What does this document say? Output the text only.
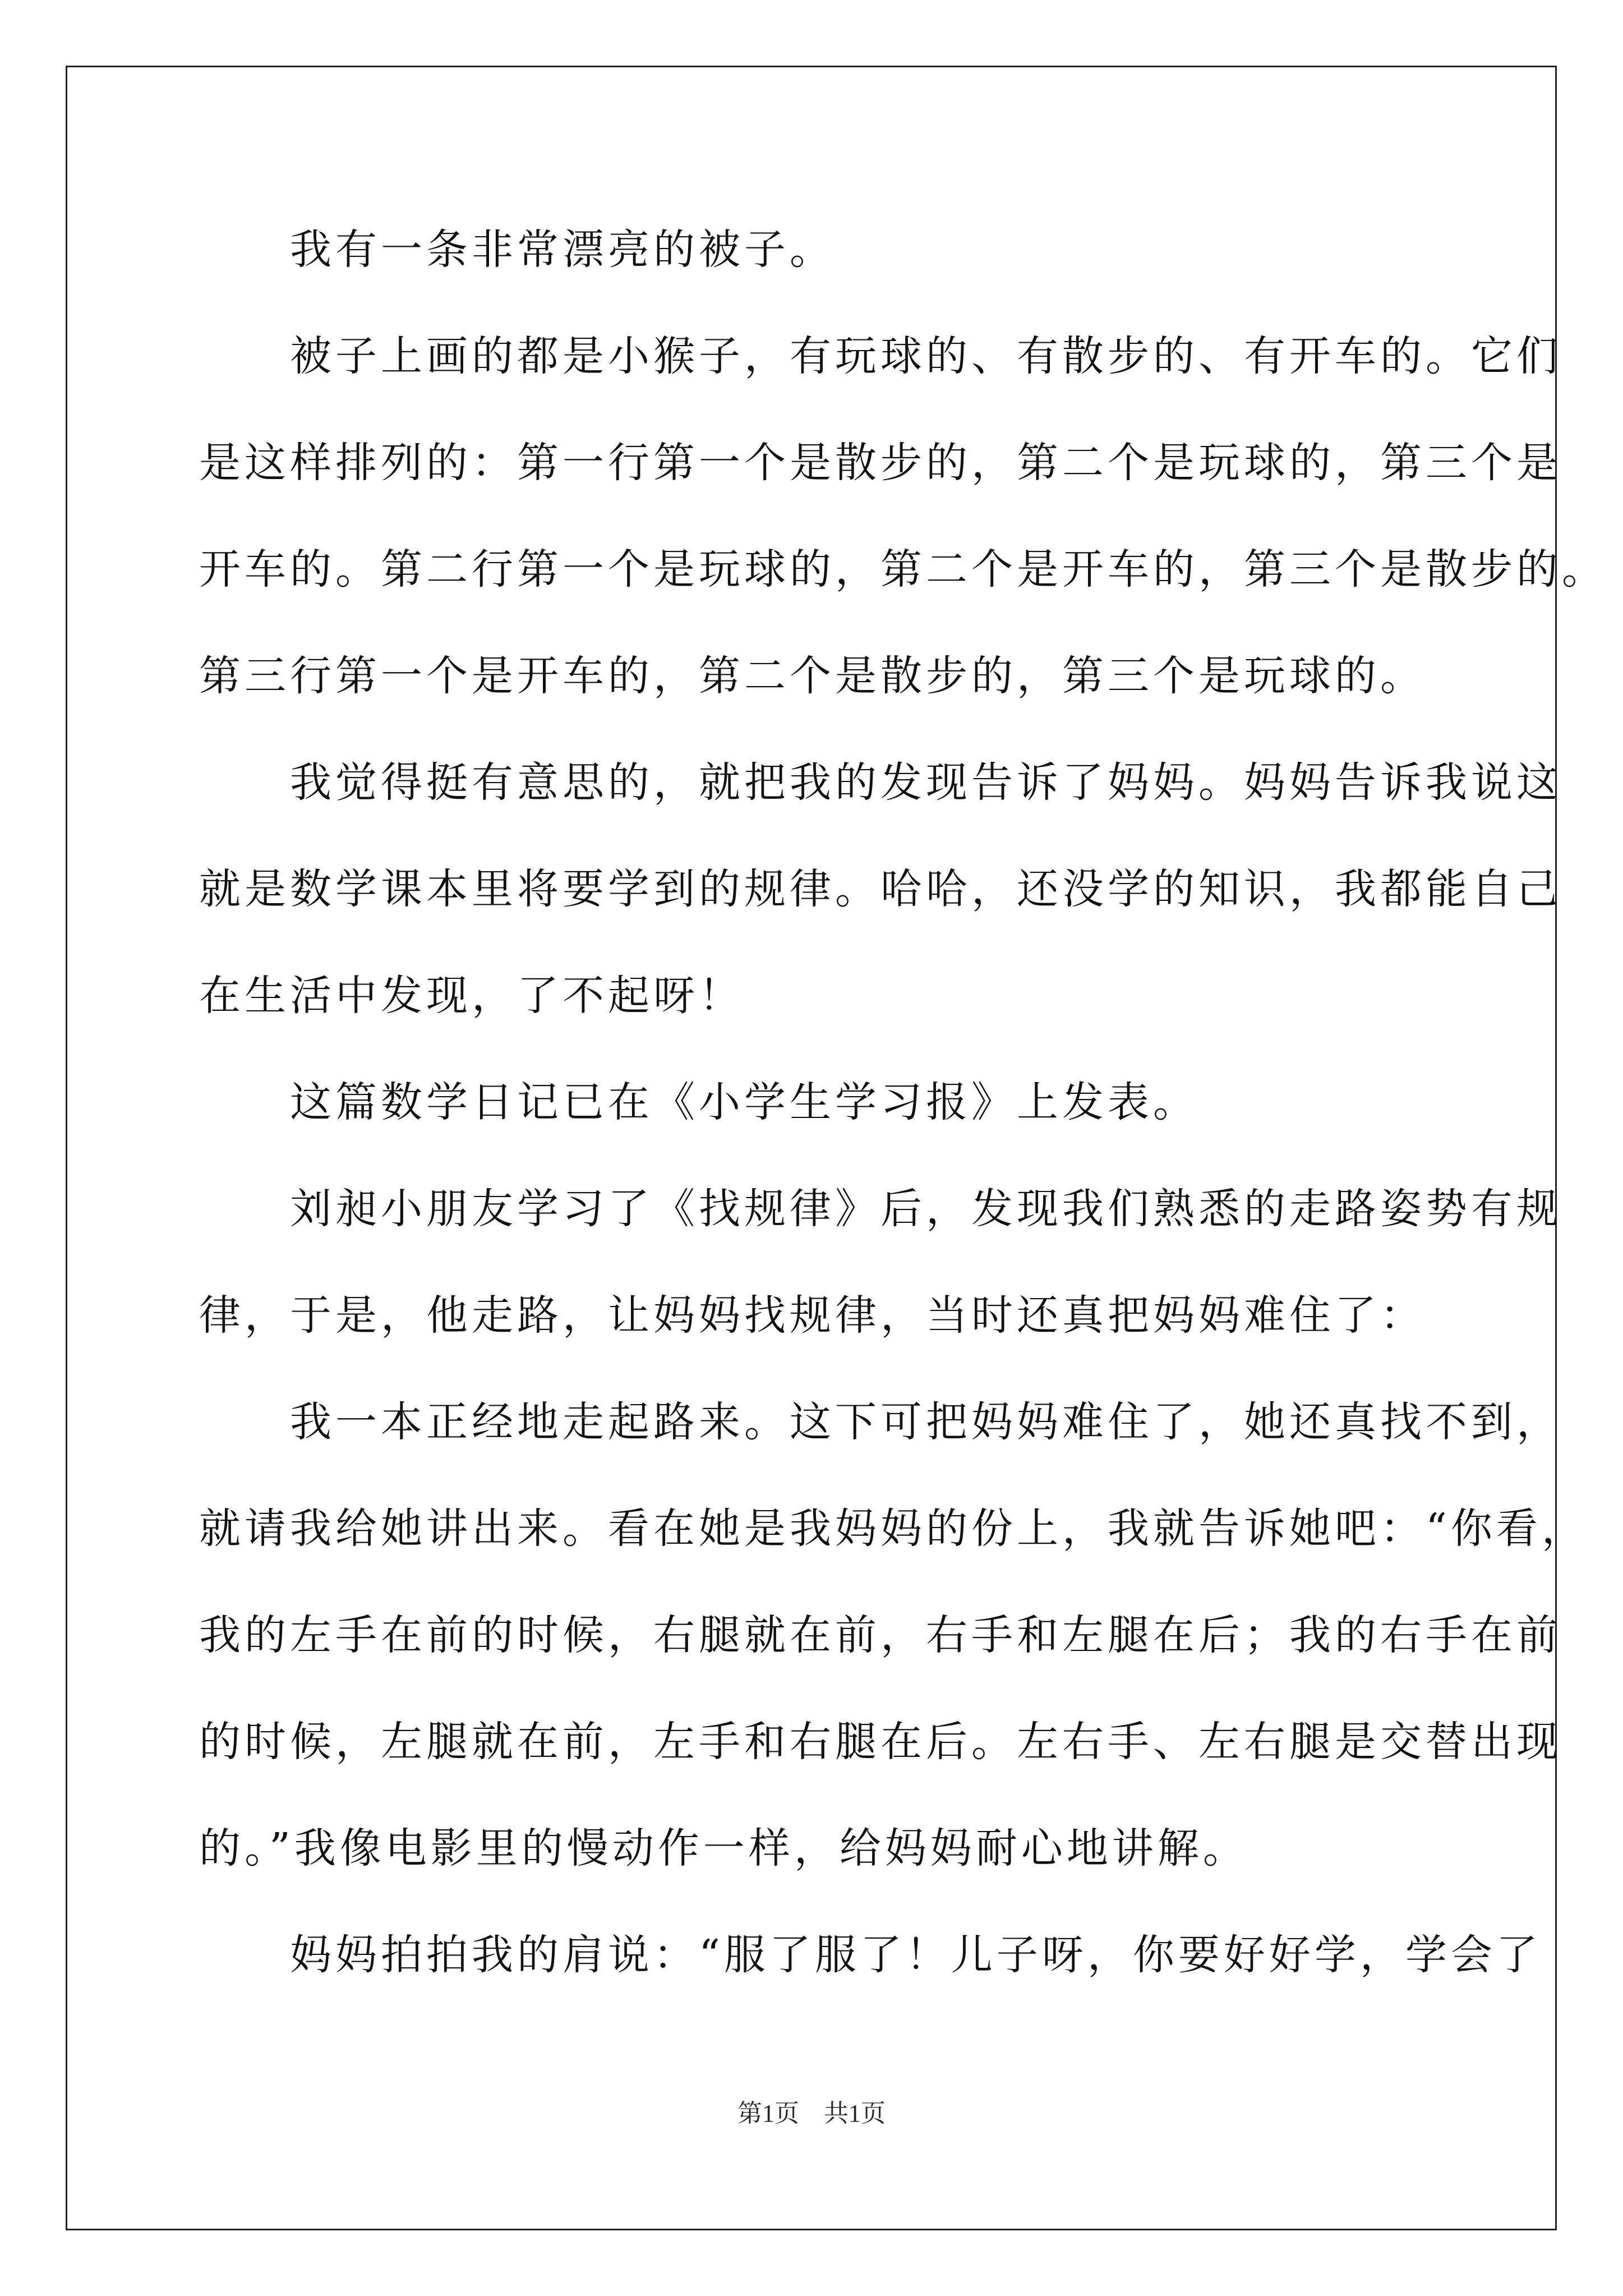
　　我有一条非常漂亮的被子。
　　被子上画的都是小猴子，有玩球的、有散步的、有开车的。它们
是这样排列的：第一行第一个是散步的，第二个是玩球的，第三个是
开车的。第二行第一个是玩球的，第二个是开车的，第三个是散步的。
第三行第一个是开车的，第二个是散步的，第三个是玩球的。
　　我觉得挺有意思的，就把我的发现告诉了妈妈。妈妈告诉我说这
就是数学课本里将要学到的规律。哈哈，还没学的知识，我都能自己
在生活中发现，了不起呀！
　　这篇数学日记已在《小学生学习报》上发表。
　　刘昶小朋友学习了《找规律》后，发现我们熟悉的走路姿势有规
律，于是，他走路，让妈妈找规律，当时还真把妈妈难住了：
　　我一本正经地走起路来。这下可把妈妈难住了，她还真找不到，
就请我给她讲出来。看在她是我妈妈的份上，我就告诉她吧：“你看，
我的左手在前的时候，右腿就在前，右手和左腿在后；我的右手在前
的时候，左腿就在前，左手和右腿在后。左右手、左右腿是交替出现
的。”我像电影里的慢动作一样，给妈妈耐心地讲解。
　　妈妈拍拍我的肩说：“服了服了！儿子呀，你要好好学，学会了
第1页　共1页
